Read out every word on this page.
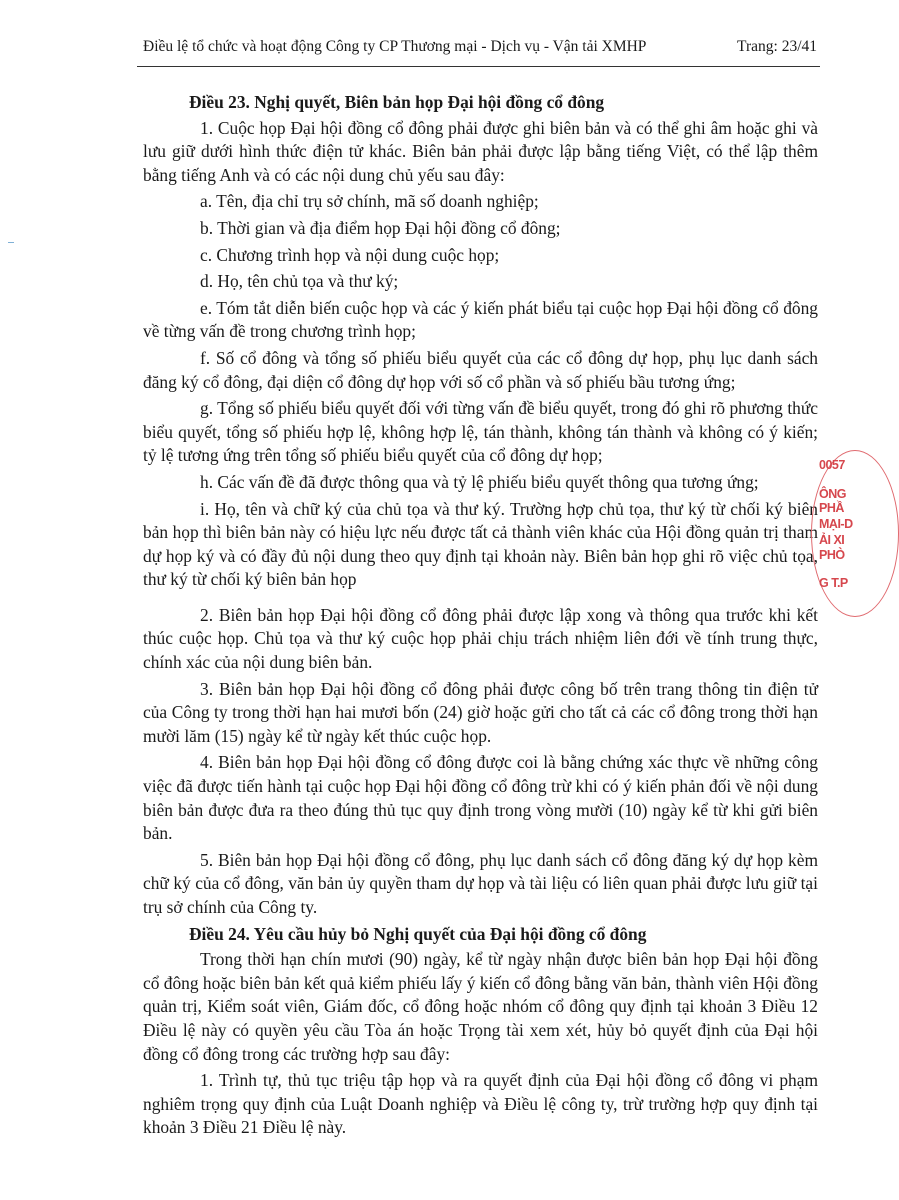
Điều lệ tổ chức và hoạt động Công ty CP Thương mại - Dịch vụ - Vận tải XMHP	Trang: 23/41

Điều 23. Nghị quyết, Biên bản họp Đại hội đồng cổ đông

1. Cuộc họp Đại hội đồng cổ đông phải được ghi biên bản và có thể ghi âm hoặc ghi và lưu giữ dưới hình thức điện tử khác. Biên bản phải được lập bằng tiếng Việt, có thể lập thêm bằng tiếng Anh và có các nội dung chủ yếu sau đây:

a. Tên, địa chỉ trụ sở chính, mã số doanh nghiệp;

b. Thời gian và địa điểm họp Đại hội đồng cổ đông;

c. Chương trình họp và nội dung cuộc họp;

d. Họ, tên chủ tọa và thư ký;

e. Tóm tắt diễn biến cuộc họp và các ý kiến phát biểu tại cuộc họp Đại hội đồng cổ đông về từng vấn đề trong chương trình họp;

f. Số cổ đông và tổng số phiếu biểu quyết của các cổ đông dự họp, phụ lục danh sách đăng ký cổ đông, đại diện cổ đông dự họp với số cổ phần và số phiếu bầu tương ứng;

g. Tổng số phiếu biểu quyết đối với từng vấn đề biểu quyết, trong đó ghi rõ phương thức biểu quyết, tổng số phiếu hợp lệ, không hợp lệ, tán thành, không tán thành và không có ý kiến; tỷ lệ tương ứng trên tổng số phiếu biểu quyết của cổ đông dự họp;

h. Các vấn đề đã được thông qua và tỷ lệ phiếu biểu quyết thông qua tương ứng;

i. Họ, tên và chữ ký của chủ tọa và thư ký. Trường hợp chủ tọa, thư ký từ chối ký biên bản họp thì biên bản này có hiệu lực nếu được tất cả thành viên khác của Hội đồng quản trị tham dự họp ký và có đầy đủ nội dung theo quy định tại khoản này. Biên bản họp ghi rõ việc chủ tọa, thư ký từ chối ký biên bản họp

2. Biên bản họp Đại hội đồng cổ đông phải được lập xong và thông qua trước khi kết thúc cuộc họp. Chủ tọa và thư ký cuộc họp phải chịu trách nhiệm liên đới về tính trung thực, chính xác của nội dung biên bản.

3. Biên bản họp Đại hội đồng cổ đông phải được công bố trên trang thông tin điện tử của Công ty trong thời hạn hai mươi bốn (24) giờ hoặc gửi cho tất cả các cổ đông trong thời hạn mười lăm (15) ngày kể từ ngày kết thúc cuộc họp.

4. Biên bản họp Đại hội đồng cổ đông được coi là bằng chứng xác thực về những công việc đã được tiến hành tại cuộc họp Đại hội đồng cổ đông trừ khi có ý kiến phản đối về nội dung biên bản được đưa ra theo đúng thủ tục quy định trong vòng mười (10) ngày kể từ khi gửi biên bản.

5. Biên bản họp Đại hội đồng cổ đông, phụ lục danh sách cổ đông đăng ký dự họp kèm chữ ký của cổ đông, văn bản ủy quyền tham dự họp và tài liệu có liên quan phải được lưu giữ tại trụ sở chính của Công ty.

Điều 24. Yêu cầu hủy bỏ Nghị quyết của Đại hội đồng cổ đông

Trong thời hạn chín mươi (90) ngày, kể từ ngày nhận được biên bản họp Đại hội đồng cổ đông hoặc biên bản kết quả kiểm phiếu lấy ý kiến cổ đông bằng văn bản, thành viên Hội đồng quản trị, Kiểm soát viên, Giám đốc, cổ đông hoặc nhóm cổ đông quy định tại khoản 3 Điều 12 Điều lệ này có quyền yêu cầu Tòa án hoặc Trọng tài xem xét, hủy bỏ quyết định của Đại hội đồng cổ đông trong các trường hợp sau đây:

1. Trình tự, thủ tục triệu tập họp và ra quyết định của Đại hội đồng cổ đông vi phạm nghiêm trọng quy định của Luật Doanh nghiệp và Điều lệ công ty, trừ trường hợp quy định tại khoản 3 Điều 21 Điều lệ này.

0057
ÔNG
PHẦ
MẠI-D
ẢI XI
PHÒ
G T.P
